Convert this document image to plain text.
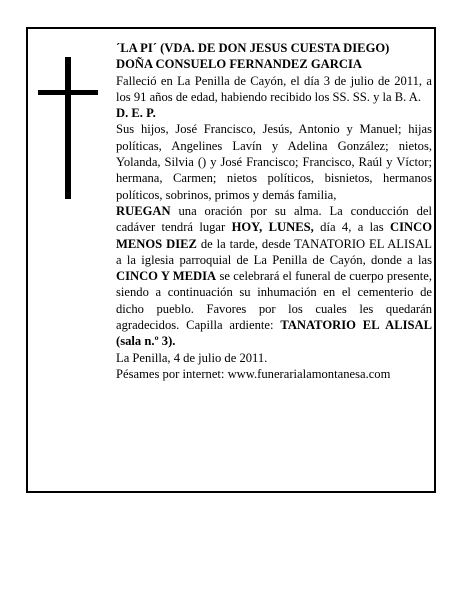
´LA PI´ (VDA. DE DON JESUS CUESTA DIEGO)

DOÑA CONSUELO FERNANDEZ GARCIA

Falleció en La Penilla de Cayón, el día 3 de julio de 2011, a los 91 años de edad, habiendo recibido los SS. SS. y la B. A.

D. E. P.

Sus hijos, José Francisco, Jesús, Antonio y Manuel; hijas políticas, Angelines Lavín y Adelina González; nietos, Yolanda, Silvia () y José Francisco; Francisco, Raúl y Víctor; hermana, Carmen; nietos políticos, bisnietos, hermanos políticos, sobrinos, primos y demás familia,

RUEGAN una oración por su alma. La conducción del cadáver tendrá lugar HOY, LUNES, día 4, a las CINCO MENOS DIEZ de la tarde, desde TANATORIO EL ALISAL a la iglesia parroquial de La Penilla de Cayón, donde a las CINCO Y MEDIA se celebrará el funeral de cuerpo presente, siendo a continuación su inhumación en el cementerio de dicho pueblo. Favores por los cuales les quedarán agradecidos. Capilla ardiente: TANATORIO EL ALISAL (sala n.º 3).

La Penilla, 4 de julio de 2011.

Pésames por internet: www.funerarialamontanesa.com
